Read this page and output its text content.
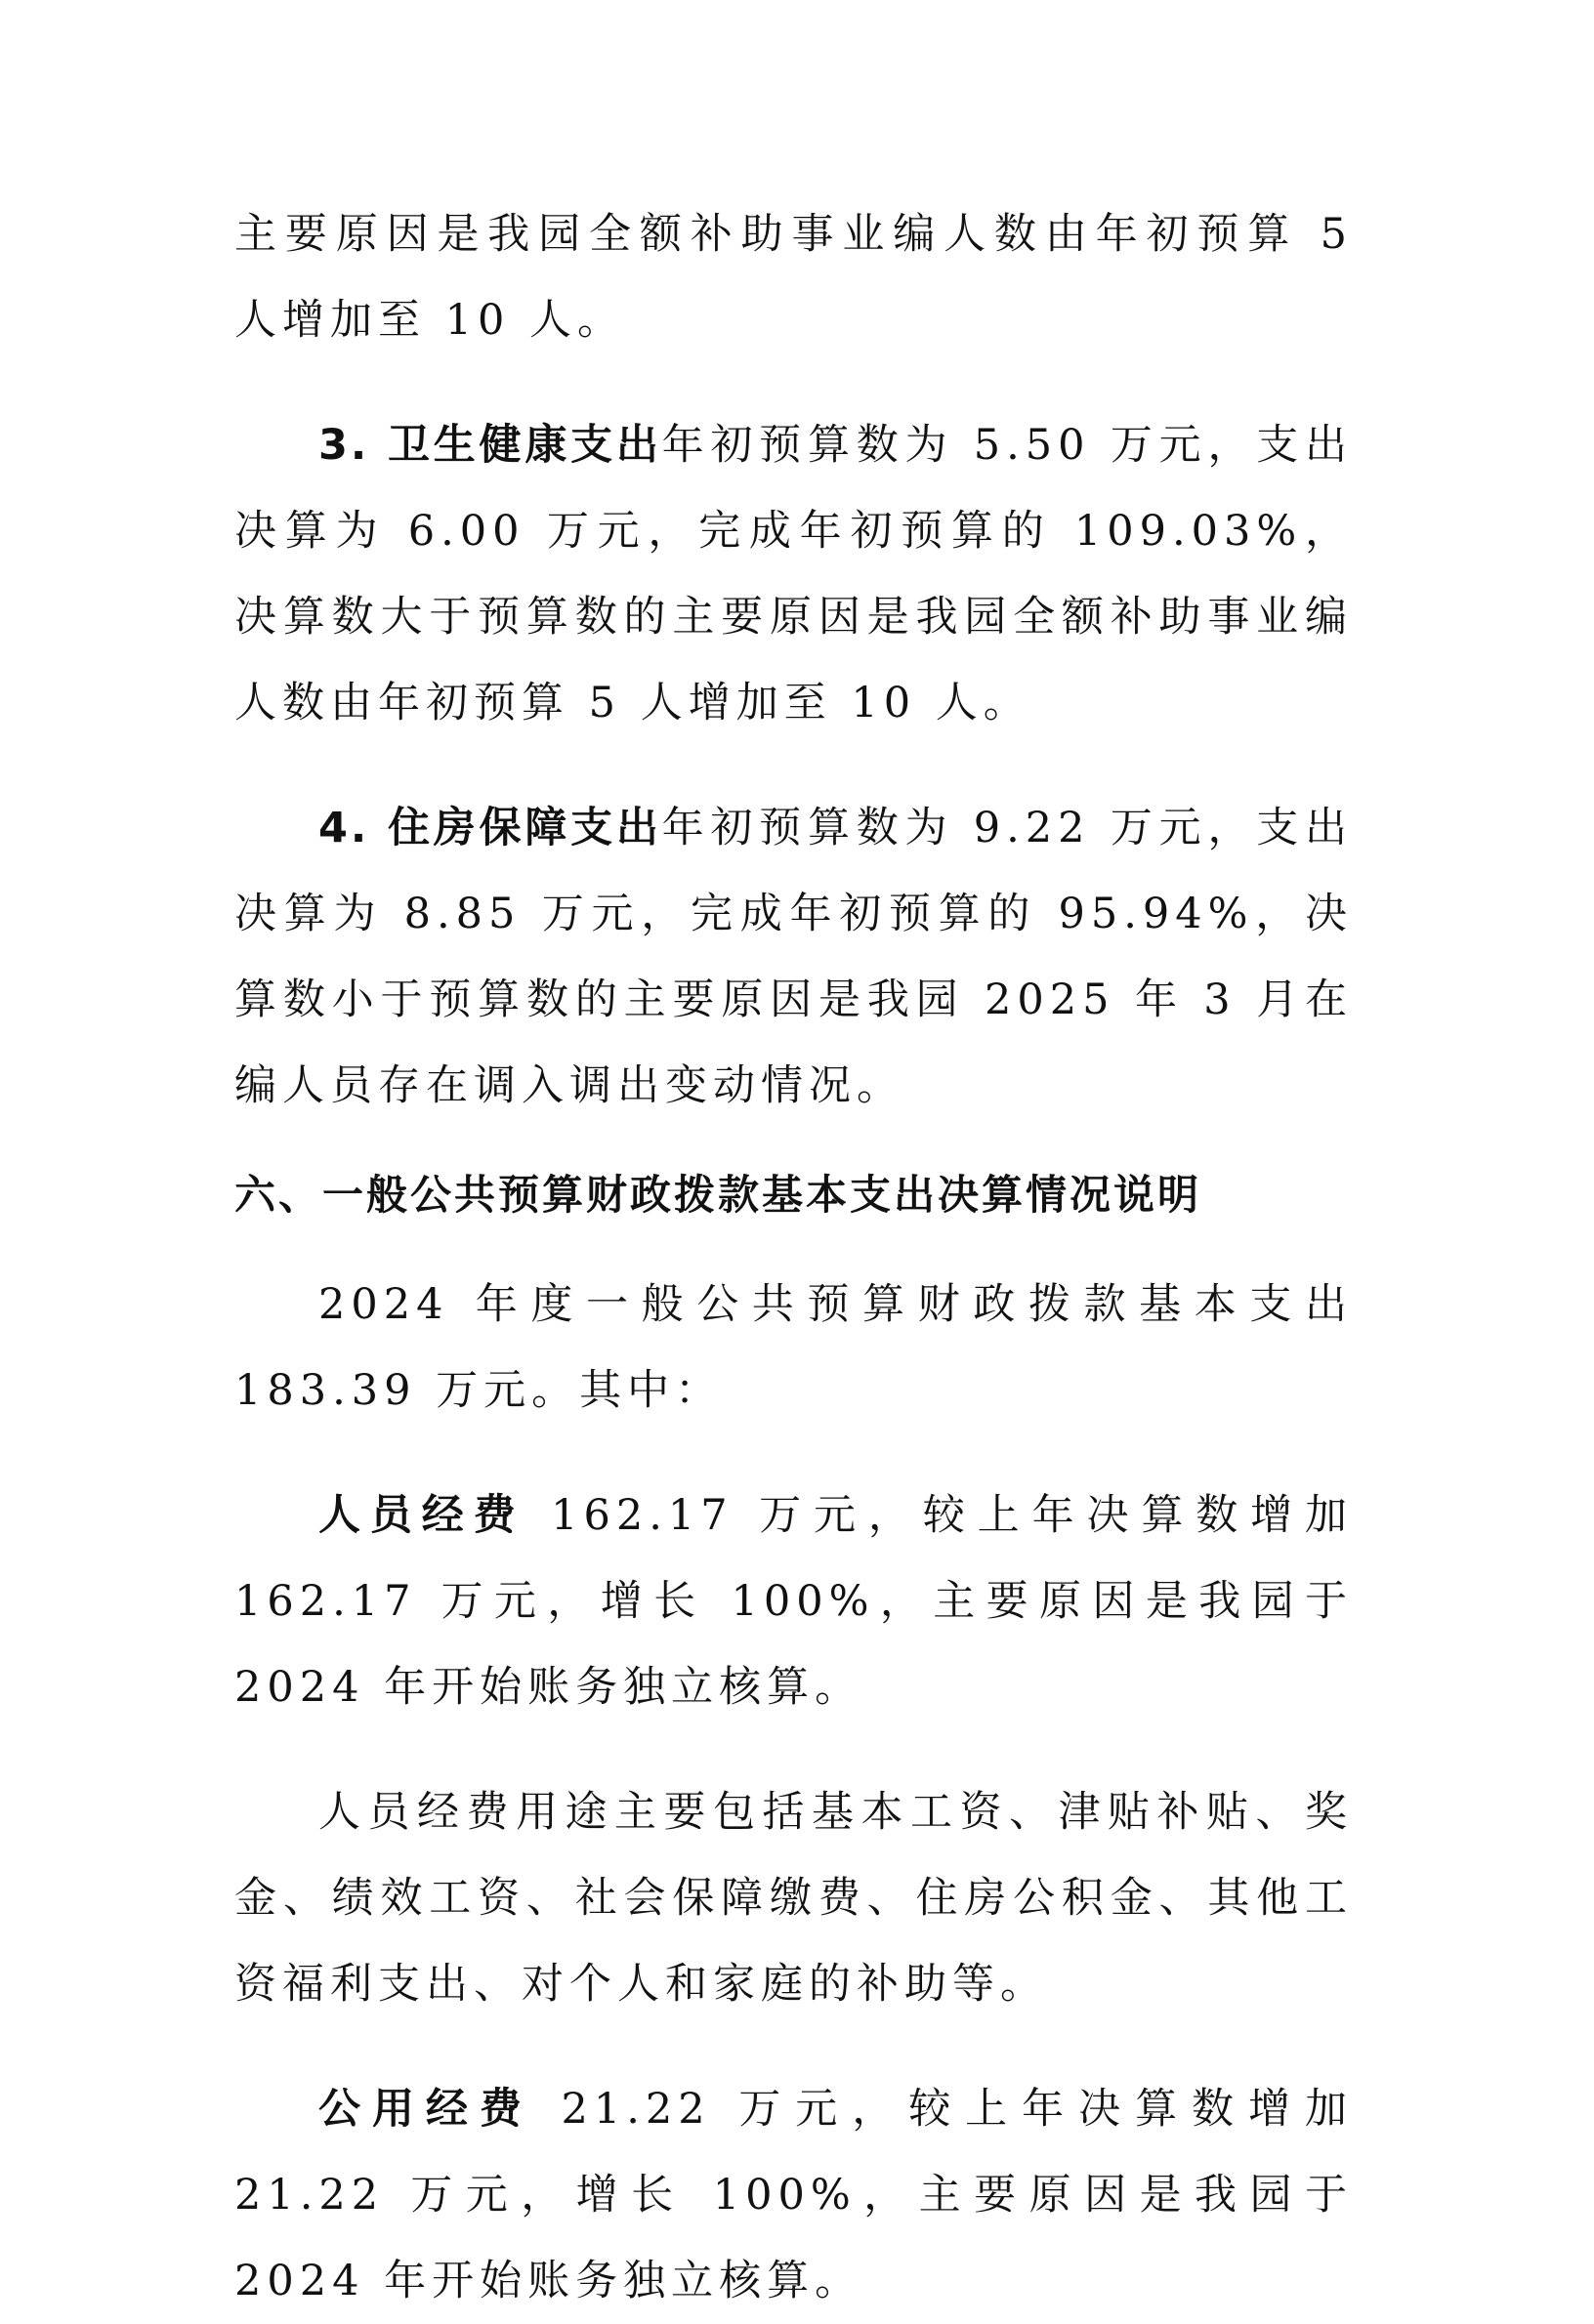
主要原因是我园全额补助事业编人数由年初预算 5 人增加至 10 人。

3. 卫生健康支出年初预算数为 5.50 万元，支出决算为 6.00 万元，完成年初预算的 109.03%，决算数大于预算数的主要原因是我园全额补助事业编人数由年初预算 5 人增加至 10 人。

4. 住房保障支出年初预算数为 9.22 万元，支出决算为 8.85 万元，完成年初预算的 95.94%，决算数小于预算数的主要原因是我园 2025 年 3 月在编人员存在调入调出变动情况。

六、一般公共预算财政拨款基本支出决算情况说明

2024 年度一般公共预算财政拨款基本支出 183.39 万元。其中：

人员经费 162.17 万元，较上年决算数增加 162.17 万元，增长 100%，主要原因是我园于 2024 年开始账务独立核算。

人员经费用途主要包括基本工资、津贴补贴、奖金、绩效工资、社会保障缴费、住房公积金、其他工资福利支出、对个人和家庭的补助等。

公用经费 21.22 万元，较上年决算数增加 21.22 万元，增长 100%，主要原因是我园于 2024 年开始账务独立核算。
